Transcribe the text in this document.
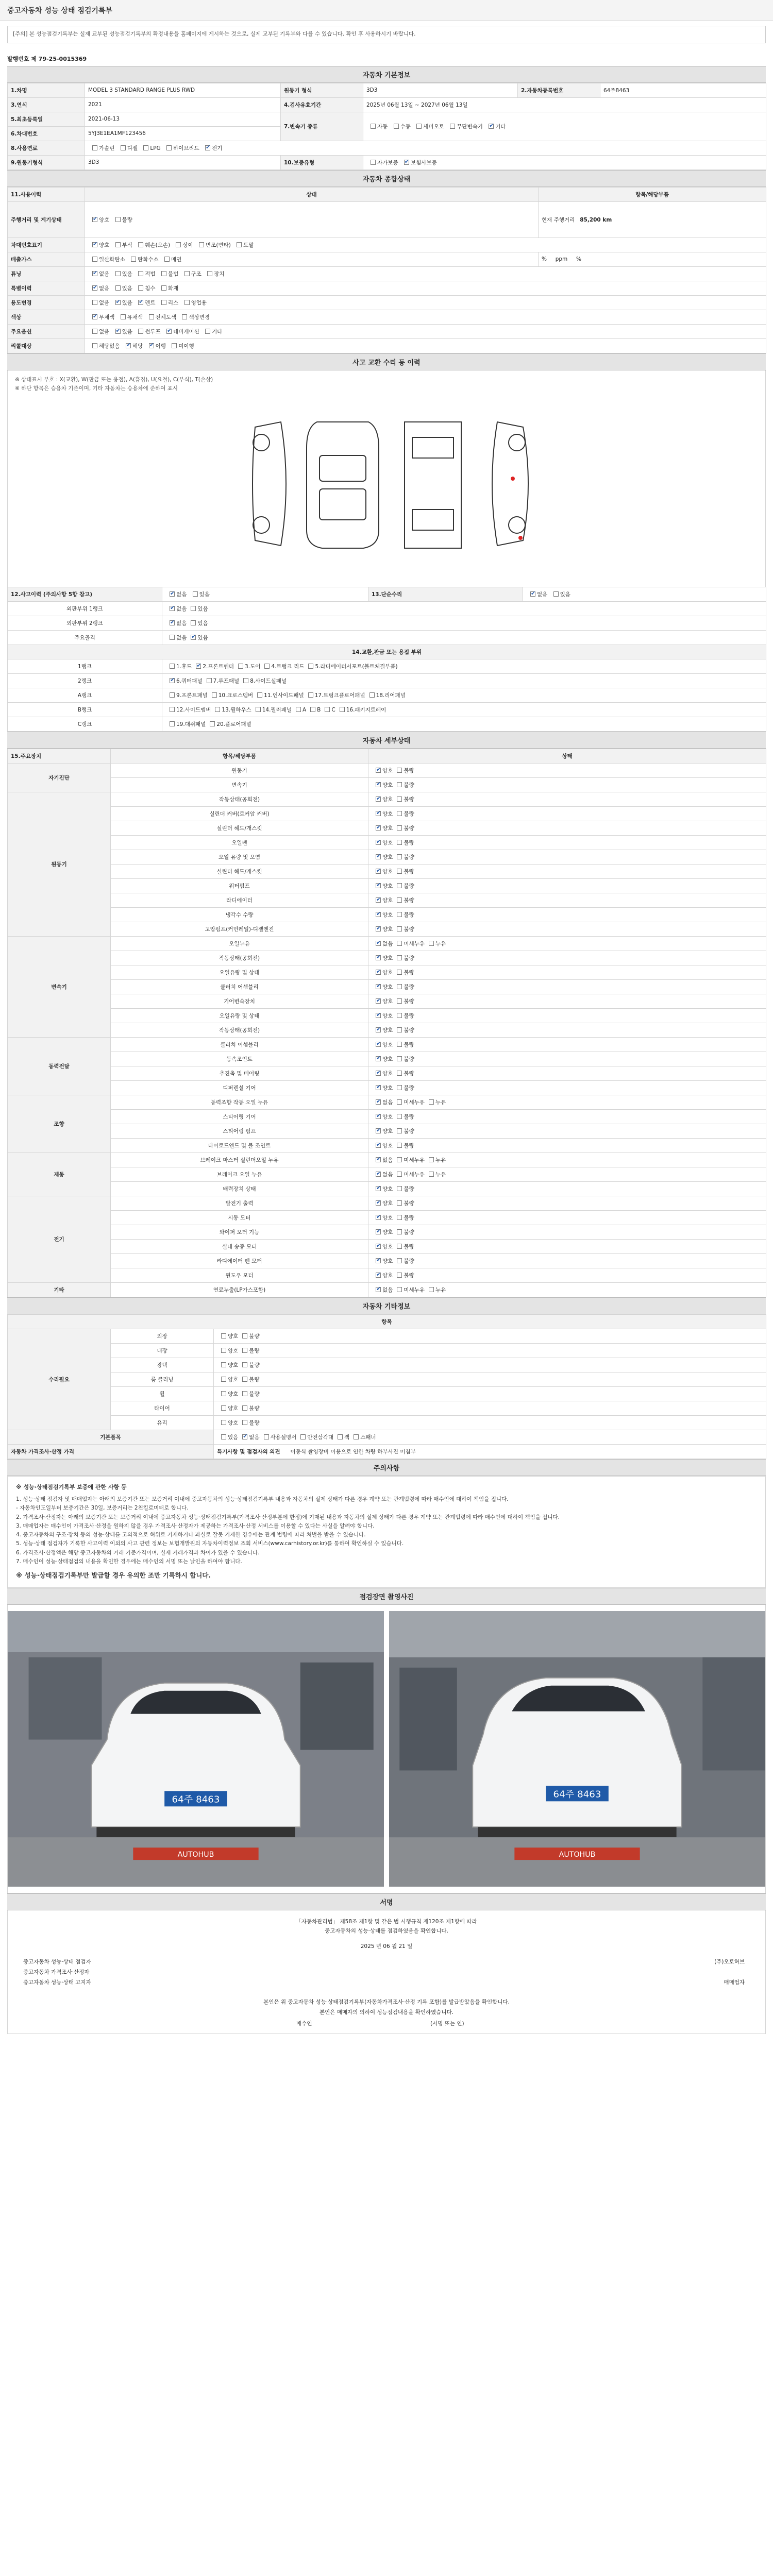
중고자동차 성능 상태 점검기록부
[주의] 본 성능점검기록부는 실제 교부된 성능점검기록부의 확정내용을 홈페이지에 게시하는 것으로, 실제 교부된 기록부와 다를 수 있습니다. 확인 후 사용하시기 바랍니다.
발행번호 제 79-25-0015369
자동차 기본정보
1.차명	MODEL 3 STANDARD RANGE PLUS RWD	원동기 형식	3D3	2.자동차등록번호	64주8463
3.연식	2021	4.검사유효기간	2025년 06월 13일 ~ 2027년 06월 13일		
5.최초등록일	2021-06-13	7.변속기 종류	자동 수동 세미오토 무단변속기 ✔ 기타
6.차대번호	5YJ3E1EA1MF123456				
8.사용연료	가솔린 디젤 LPG 하이브리드 ✔ 전기
9.원동기형식	3D3	10.보증유형	자가보증 ✔ 보험사보증
자동차 종합상태
11.사용이력	상태	항목/해당부품
주행거리 및 계기상태	✔양호 불량	현재 주행거리 85,200 km
차대번호표기	✔양호 부식 훼손(오손) 상이 변조(변타) 도말
배출가스	일산화탄소 탄화수소 매연	% ppm %
튜닝	✔없음 있음 적법 불법 구조 장치
특별이력	✔없음 있음 침수 화재
용도변경	없음 ✔ 있음 ✔ 렌트 리스 영업용
색상	✔무채색 유채색 전체도색 색상변경
주요옵션	없음 ✔ 있음 썬루프 ✔ 네비게이션 기타
리콜대상	해당없음 ✔ 해당 ✔ 이행 미이행
사고 교환 수리 등 이력
※ 상태표시 부호 : X(교환), W(판금 또는 용접), A(흠집), U(요철), C(부식), T(손상)
※ 하단 항목은 승용차 기준이며, 기타 자동차는 승용차에 준하여 표시
12.사고이력 (주의사항 5항 참고)	✔없음 있음	13.단순수리	✔없음 있음
외판부위 1랭크	✔없음 있음
외판부위 2랭크	✔없음 있음
주요골격	없음 ✔ 있음
14.교환,판금 또는 용접 부위			
1랭크	1.후드 ✔ 2.프론트펜더 3.도어 4.트렁크 리드 5.라디에이터서포트(볼트체결부품)
2랭크	✔6.쿼터패널 7.루프패널 8.사이드실패널
A랭크	9.프론트패널 10.크로스멤버 11.인사이드패널 17.트렁크플로어패널 18.리어패널		
B랭크	12.사이드멤버 13.휠하우스 14.필러패널 A B C 16.패키지트레이		
C랭크	19.대쉬패널 20.플로어패널		
자동차 세부상태
15.주요장치	항목/해당부품	상태
자기진단	원동기	✔양호 불량
	변속기	✔양호 불량
원동기	작동상태(공회전)	✔양호 불량
	실린더 커버(로커암 커버)	✔양호 불량
	실린더 헤드/개스킷	✔양호 불량
	오일팬	✔양호 불량
	오일 유량 및 오염	✔양호 불량
	실린더 헤드/개스킷	✔양호 불량
	워터펌프	✔양호 불량
	라디에이터	✔양호 불량
	냉각수 수량	✔양호 불량
	고압펌프(커먼레일)-디젤엔진	✔양호 불량
변속기	오일누유	✔없음 미세누유 누유
	작동상태(공회전)	✔양호 불량
	오일유량 및 상태	✔양호 불량
	클러치 어셈블리	✔양호 불량
	기어변속장치	✔양호 불량
	오일유량 및 상태	✔양호 불량
	작동상태(공회전)	✔양호 불량
동력전달	클러치 어셈블리	✔양호 불량
	등속조인트	✔양호 불량
	추진축 및 베어링	✔양호 불량
	디퍼렌셜 기어	✔양호 불량
조향	동력조향 작동 오일 누유	✔없음 미세누유 누유
	스티어링 기어	✔양호 불량
	스티어링 펌프	✔양호 불량
	타이로드엔드 및 볼 조인트	✔양호 불량
제동	브레이크 마스터 실린더오일 누유	✔없음 미세누유 누유
	브레이크 오일 누유	✔없음 미세누유 누유
	배력장치 상태	✔양호 불량
전기	발전기 출력	✔양호 불량
	시동 모터	✔양호 불량
	와이퍼 모터 기능	✔양호 불량
	실내 송풍 모터	✔양호 불량
	라디에이터 팬 모터	✔양호 불량
	윈도우 모터	✔양호 불량
기타	연료누출(LP가스포함)	✔없음 미세누유 누유
자동차 기타정보
항목		
수리필요	외장	양호 불량
	내장	양호 불량
	광택	양호 불량
	룸 클리닝	양호 불량
	휠	양호 불량
	타이어	양호 불량
	유리	양호 불량
기본품목		있음 ✔ 없음 사용설명서 안전삼각대 잭 스패너
자동차 가격조사·산정 가격		특기사항 및 점검자의 의견 이동식 촬영장비 이용으로 인한 차량 하부사진 미첨부
주의사항
※ 성능·상태점검기록부 보증에 관한 사항 등
1. 성능·상태 점검자 및 매매업자는 아래의 보증기간 또는 보증거리 이내에 중고자동차의 성능·상태점검기록부 내용과 자동차의 실제 상태가 다른 경우 계약 또는 관계법령에 따라 매수인에 대하여 책임을 집니다.
- 자동차인도일부터 보증기간은 30일, 보증거리는 2천킬로미터로 합니다.
2. 가격조사·산정자는 아래의 보증기간 또는 보증거리 이내에 중고자동차 성능·상태점검기록부(가격조사·산정부분에 한정)에 기재된 내용과 자동차의 실제 상태가 다른 경우 계약 또는 관계법령에 따라 매수인에 대하여 책임을 집니다.
3. 매매업자는 매수인이 가격조사·산정을 원하지 않을 경우 가격조사·산정자가 제공하는 가격조사·산정 서비스를 이용할 수 있다는 사실을 알려야 합니다.
4. 중고자동차의 구조·장치 등의 성능·상태를 고의적으로 허위로 기재하거나 과실로 잘못 기재한 경우에는 관계 법령에 따라 처벌을 받을 수 있습니다.
5. 성능·상태 점검자가 기록한 사고이력 이외의 사고 관련 정보는 보험개발원의 자동차이력정보 조회 서비스(www.carhistory.or.kr)를 통하여 확인하실 수 있습니다.
6. 가격조사·산정액은 해당 중고자동차의 거래 기준가격이며, 실제 거래가격과 차이가 있을 수 있습니다.
7. 매수인이 성능·상태점검의 내용을 확인한 경우에는 매수인의 서명 또는 날인을 하여야 합니다.
※ 성능·상태점검기록부만 발급할 경우 유의한 조만 기록하시 합니다.
점검장면 촬영사진
64주 8463
AUTOHUB
64주 8463
AUTOHUB
서명
「자동차관리법」 제58조 제1항 및 같은 법 시행규칙 제120조 제1항에 따라
중고자동차의 성능·상태를 점검하였음을 확인합니다.
2025 년 06 월 21 일
중고자동차 성능·상태 점검자	(주)오토허브
중고자동차 가격조사·산정자
중고자동차 성능·상태 고지자	매매업자
본인은 위 중고자동차 성능·상태점검기록부(자동차가격조사·산정 기록 포함)를 발급받았음을 확인합니다.
본인은 매매자의 의하여 성능점검내용을 확인하였습니다.
매수인	(서명 또는 인)
